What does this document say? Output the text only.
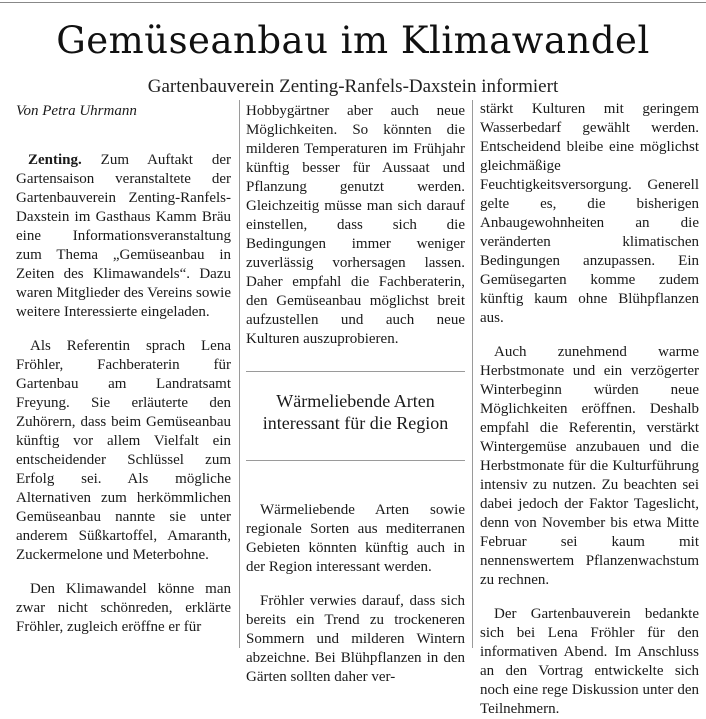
Gemüseanbau im Klimawandel
Gartenbauverein Zenting-Ranfels-Daxstein informiert

Von Petra Uhrmann

Zenting. Zum Auftakt der Gartensaison veranstaltete der Gartenbauverein Zenting-Ranfels-Daxstein im Gasthaus Kamm Bräu eine Informationsveranstaltung zum Thema „Gemüseanbau in Zeiten des Klimawandels“. Dazu waren Mitglieder des Vereins sowie weitere Interessierte eingeladen.

Als Referentin sprach Lena Fröhler, Fachberaterin für Gartenbau am Landratsamt Freyung. Sie erläuterte den Zuhörern, dass beim Gemüseanbau künftig vor allem Vielfalt ein entscheidender Schlüssel zum Erfolg sei. Als mögliche Alternativen zum herkömmlichen Gemüseanbau nannte sie unter anderem Süßkartoffel, Amaranth, Zuckermelone und Meterbohne.

Den Klimawandel könne man zwar nicht schönreden, erklärte Fröhler, zugleich eröffne er für

Hobbygärtner aber auch neue Möglichkeiten. So könnten die milderen Temperaturen im Frühjahr künftig besser für Aussaat und Pflanzung genutzt werden. Gleichzeitig müsse man sich darauf einstellen, dass sich die Bedingungen immer weniger zuverlässig vorhersagen lassen. Daher empfahl die Fachberaterin, den Gemüseanbau möglichst breit aufzustellen und auch neue Kulturen auszuprobieren.

Wärmeliebende Arten interessant für die Region

Wärmeliebende Arten sowie regionale Sorten aus mediterranen Gebieten könnten künftig auch in der Region interessant werden.

Fröhler verwies darauf, dass sich bereits ein Trend zu trockeneren Sommern und milderen Wintern abzeichne. Bei Blühpflanzen in den Gärten sollten daher ver-

stärkt Kulturen mit geringem Wasserbedarf gewählt werden. Entscheidend bleibe eine möglichst gleichmäßige Feuchtigkeitsversorgung. Generell gelte es, die bisherigen Anbaugewohnheiten an die veränderten klimatischen Bedingungen anzupassen. Ein Gemüsegarten komme zudem künftig kaum ohne Blühpflanzen aus.

Auch zunehmend warme Herbstmonate und ein verzögerter Winterbeginn würden neue Möglichkeiten eröffnen. Deshalb empfahl die Referentin, verstärkt Wintergemüse anzubauen und die Herbstmonate für die Kulturführung intensiv zu nutzen. Zu beachten sei dabei jedoch der Faktor Tageslicht, denn von November bis etwa Mitte Februar sei kaum mit nennenswertem Pflanzenwachstum zu rechnen.

Der Gartenbauverein bedankte sich bei Lena Fröhler für den informativen Abend. Im Anschluss an den Vortrag entwickelte sich noch eine rege Diskussion unter den Teilnehmern.
